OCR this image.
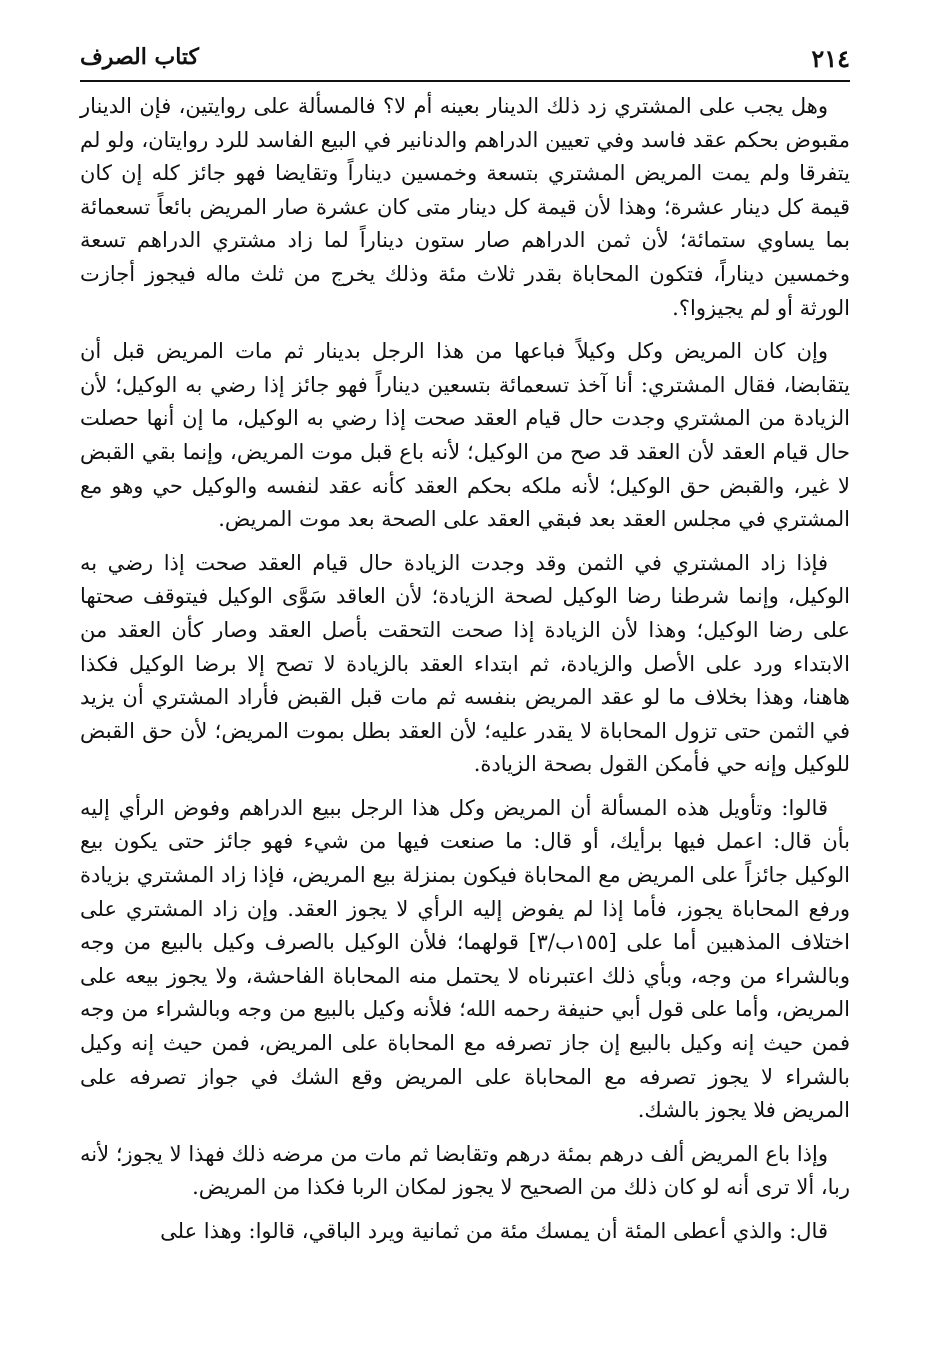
٢١٤
كتاب الصرف

وهل يجب على المشتري زد ذلك الدينار بعينه أم لا؟ فالمسألة على روايتين، فإن الدينار مقبوض بحكم عقد فاسد وفي تعيين الدراهم والدنانير في البيع الفاسد للرد روايتان، ولو لم يتفرقا ولم يمت المريض المشتري بتسعة وخمسين ديناراً وتقايضا فهو جائز كله إن كان قيمة كل دينار عشرة؛ وهذا لأن قيمة كل دينار متى كان عشرة صار المريض بائعاً تسعمائة بما يساوي ستمائة؛ لأن ثمن الدراهم صار ستون ديناراً لما زاد مشتري الدراهم تسعة وخمسين ديناراً، فتكون المحاباة بقدر ثلاث مئة وذلك يخرج من ثلث ماله فيجوز أجازت الورثة أو لم يجيزوا؟.

وإن كان المريض وكل وكيلاً فباعها من هذا الرجل بدينار ثم مات المريض قبل أن يتقابضا، فقال المشتري: أنا آخذ تسعمائة بتسعين ديناراً فهو جائز إذا رضي به الوكيل؛ لأن الزيادة من المشتري وجدت حال قيام العقد صحت إذا رضي به الوكيل، ما إن أنها حصلت حال قيام العقد لأن العقد قد صح من الوكيل؛ لأنه باع قبل موت المريض، وإنما بقي القبض لا غير، والقبض حق الوكيل؛ لأنه ملكه بحكم العقد كأنه عقد لنفسه والوكيل حي وهو مع المشتري في مجلس العقد بعد فبقي العقد على الصحة بعد موت المريض.

فإذا زاد المشتري في الثمن وقد وجدت الزيادة حال قيام العقد صحت إذا رضي به الوكيل، وإنما شرطنا رضا الوكيل لصحة الزيادة؛ لأن العاقد سَوَّى الوكيل فيتوقف صحتها على رضا الوكيل؛ وهذا لأن الزيادة إذا صحت التحقت بأصل العقد وصار كأن العقد من الابتداء ورد على الأصل والزيادة، ثم ابتداء العقد بالزيادة لا تصح إلا برضا الوكيل فكذا هاهنا، وهذا بخلاف ما لو عقد المريض بنفسه ثم مات قبل القبض فأراد المشتري أن يزيد في الثمن حتى تزول المحاباة لا يقدر عليه؛ لأن العقد بطل بموت المريض؛ لأن حق القبض للوكيل وإنه حي فأمكن القول بصحة الزيادة.

قالوا: وتأويل هذه المسألة أن المريض وكل هذا الرجل ببيع الدراهم وفوض الرأي إليه بأن قال: اعمل فيها برأيك، أو قال: ما صنعت فيها من شيء فهو جائز حتى يكون بيع الوكيل جائزاً على المريض مع المحاباة فيكون بمنزلة بيع المريض، فإذا زاد المشتري بزيادة ورفع المحاباة يجوز، فأما إذا لم يفوض إليه الرأي لا يجوز العقد. وإن زاد المشتري على اختلاف المذهبين أما على [١٥٥ب/٣] قولهما؛ فلأن الوكيل بالصرف وكيل بالبيع من وجه وبالشراء من وجه، وبأي ذلك اعتبرناه لا يحتمل منه المحاباة الفاحشة، ولا يجوز بيعه على المريض، وأما على قول أبي حنيفة رحمه الله؛ فلأنه وكيل بالبيع من وجه وبالشراء من وجه فمن حيث إنه وكيل بالبيع إن جاز تصرفه مع المحاباة على المريض، فمن حيث إنه وكيل بالشراء لا يجوز تصرفه مع المحاباة على المريض وقع الشك في جواز تصرفه على المريض فلا يجوز بالشك.

وإذا باع المريض ألف درهم بمئة درهم وتقابضا ثم مات من مرضه ذلك فهذا لا يجوز؛ لأنه ربا، ألا ترى أنه لو كان ذلك من الصحيح لا يجوز لمكان الربا فكذا من المريض.

قال: والذي أعطى المئة أن يمسك مئة من ثمانية ويرد الباقي، قالوا: وهذا على
